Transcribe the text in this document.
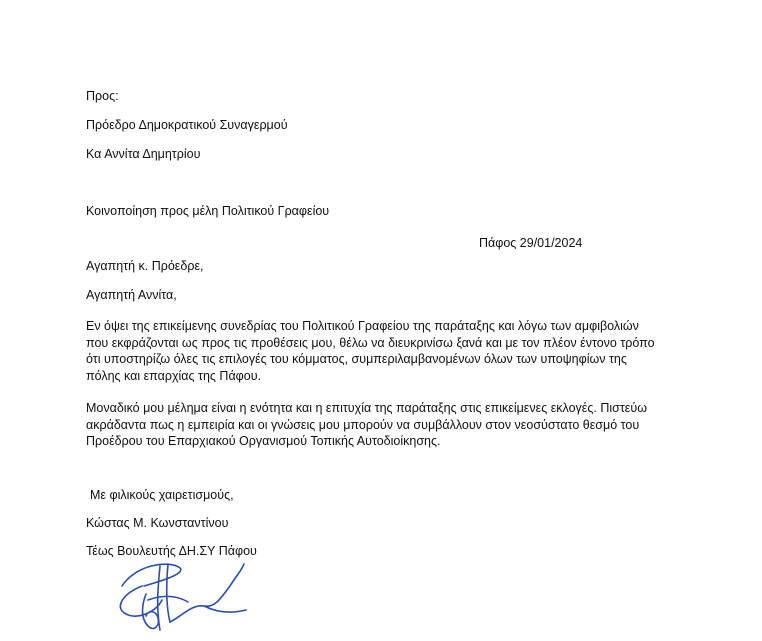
Προς:
Πρόεδρο Δημοκρατικού Συναγερμού
Κα Αννίτα Δημητρίου
Κοινοποίηση προς μέλη Πολιτικού Γραφείου
Πάφος 29/01/2024
Αγαπητή κ. Πρόεδρε,
Αγαπητή Αννίτα,
Εν όψει της επικείμενης συνεδρίας του Πολιτικού Γραφείου της παράταξης και λόγω των αμφιβολιών
που εκφράζονται ως προς τις προθέσεις μου, θέλω να διευκρινίσω ξανά και με τον πλέον έντονο τρόπο
ότι υποστηρίζω όλες τις επιλογές του κόμματος, συμπεριλαμβανομένων όλων των υποψηφίων της
πόλης και επαρχίας της Πάφου.
Μοναδικό μου μέλημα είναι η ενότητα και η επιτυχία της παράταξης στις επικείμενες εκλογές. Πιστεύω
ακράδαντα πως η εμπειρία και οι γνώσεις μου μπορούν να συμβάλλουν στον νεοσύστατο θεσμό του
Προέδρου του Επαρχιακού Οργανισμού Τοπικής Αυτοδιοίκησης.
Με φιλικούς χαιρετισμούς,
Κώστας Μ. Κωνσταντίνου
Τέως Βουλευτής ΔΗ.ΣΥ Πάφου
